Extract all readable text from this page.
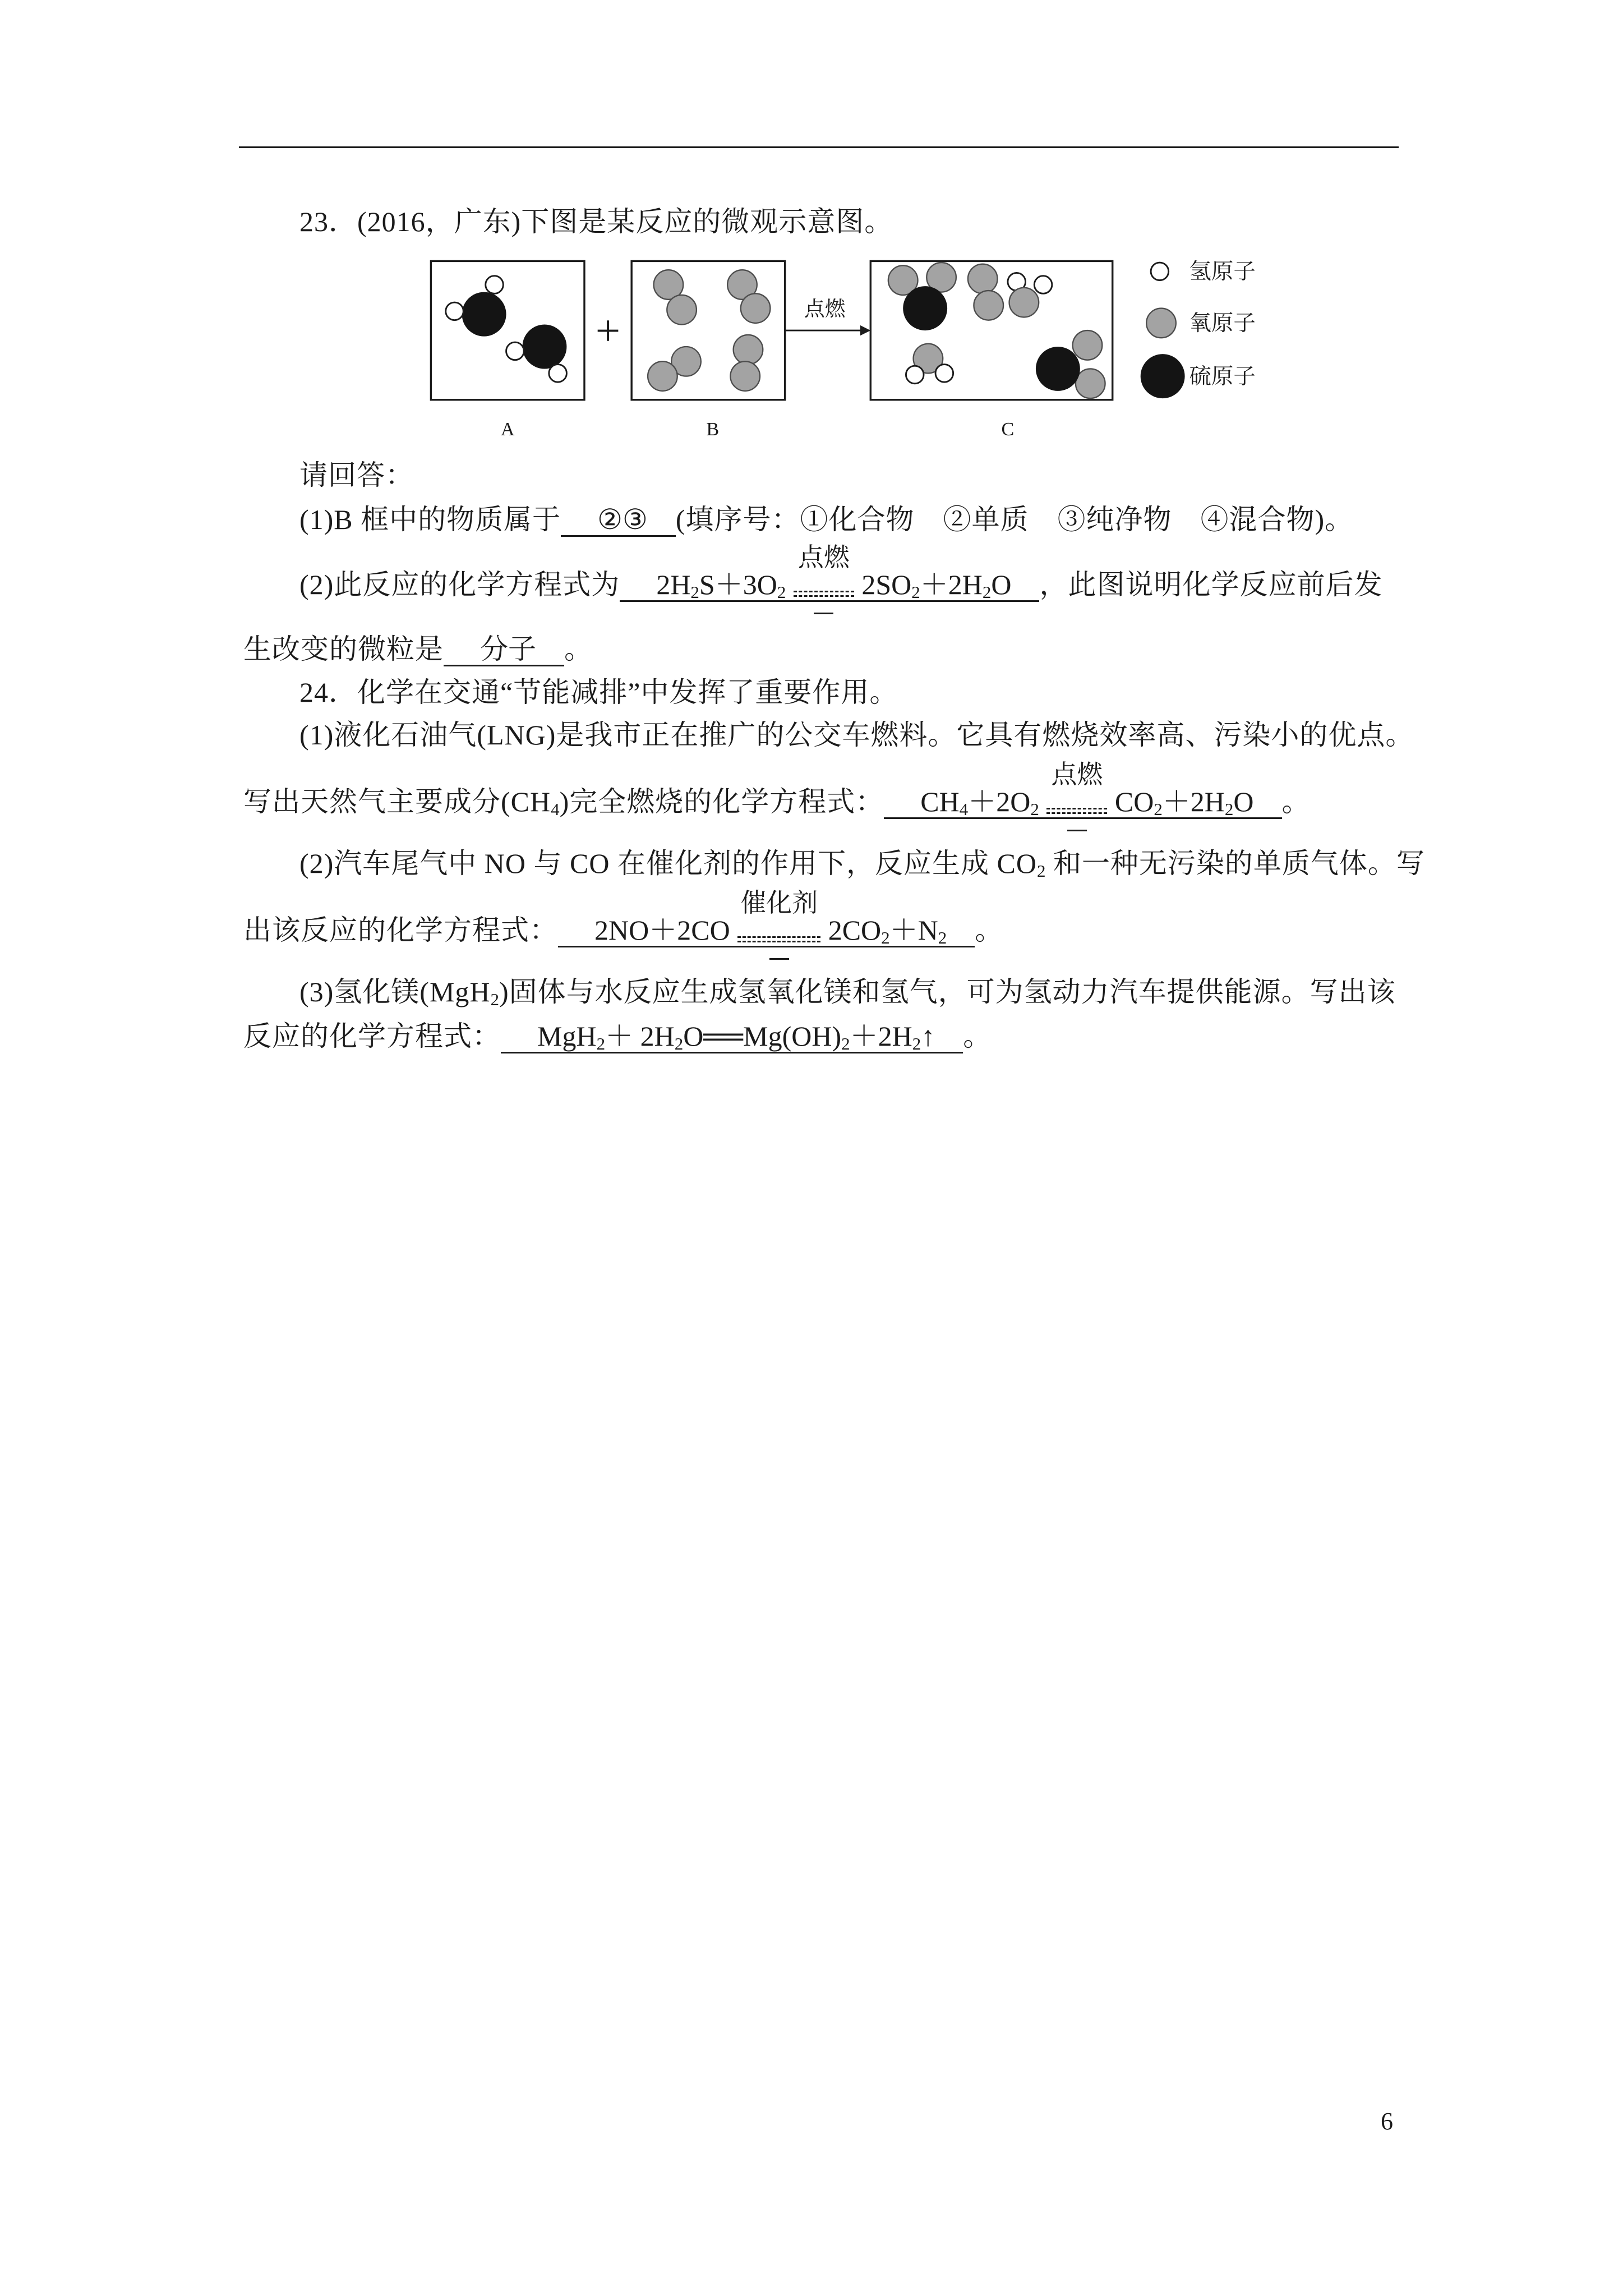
23．(2016，广东)下图是某反应的微观示意图。
+	点燃
氢原子
氧原子
硫原子
A	B	C
请回答：
(1)B 框中的物质属于 ②③ (填序号：①化合物　②单质　③纯净物　④混合物)。
(2)此反应的化学方程式为 $2H_2S+3O_2$
点燃
$2SO_2+2H_2O$ ，此图说明化学反应前后发
生改变的微粒是 分子 。
24．化学在交通“节能减排”中发挥了重要作用。
(1)液化石油气(LNG)是我市正在推广的公交车燃料。它具有燃烧效率高、污染小的优点。
写出天然气主要成分$(CH_4)$完全燃烧的化学方程式： $CH_4+2O_2$
点燃
$CO_2+2H_2O$ 。
(2)汽车尾气中 NO 与 CO 在催化剂的作用下，反应生成 $CO_2$ 和一种无污染的单质气体。写
出该反应的化学方程式： 2NO＋2CO
催化剂
$2CO_2+N_2$ 。
(3)氢化镁(MgH$_2$)固体与水反应生成氢氧化镁和氢气，可为氢动力汽车提供能源。写出该
反应的化学方程式： $MgH_2+ 2H_2O══Mg(OH)_2+2H_2↑$ 。
6
